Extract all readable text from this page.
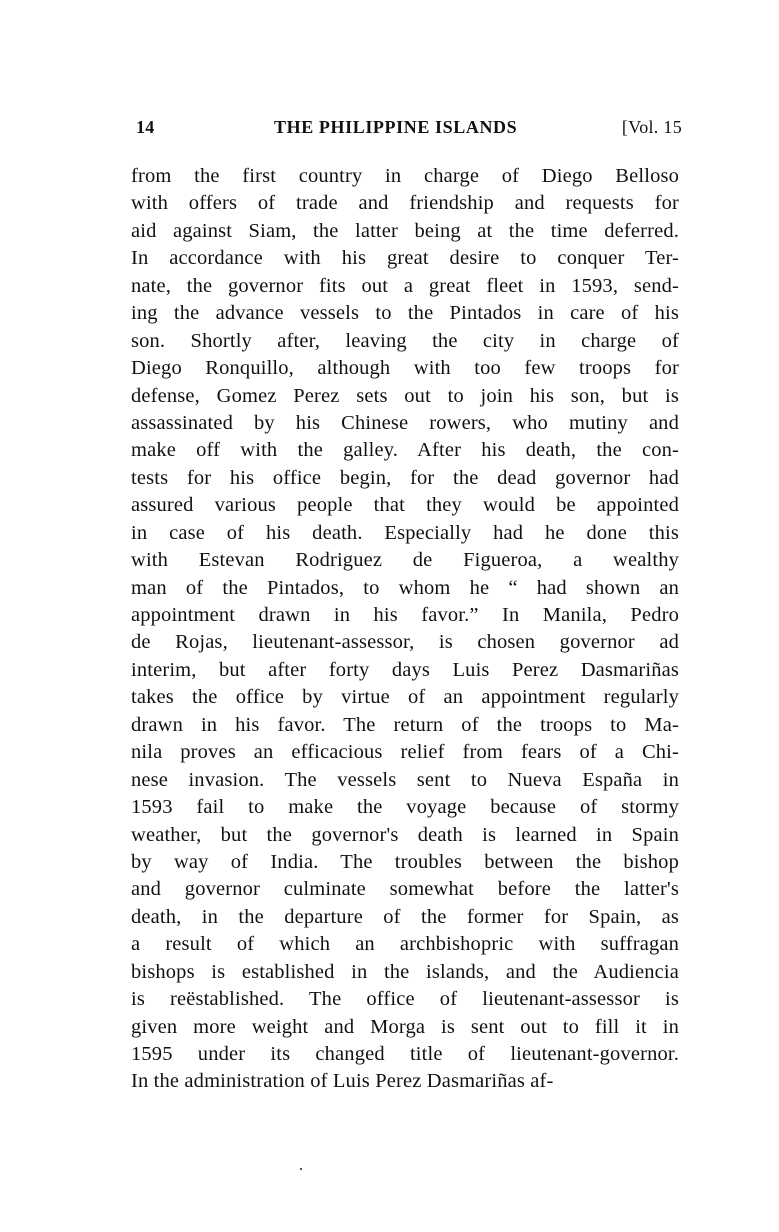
14	THE PHILIPPINE ISLANDS	[Vol. 15
from the first country in charge of Diego Belloso
with offers of trade and friendship and requests for
aid against Siam, the latter being at the time deferred.
In accordance with his great desire to conquer Ter-
nate, the governor fits out a great fleet in 1593, send-
ing the advance vessels to the Pintados in care of his
son. Shortly after, leaving the city in charge of
Diego Ronquillo, although with too few troops for
defense, Gomez Perez sets out to join his son, but is
assassinated by his Chinese rowers, who mutiny and
make off with the galley. After his death, the con-
tests for his office begin, for the dead governor had
assured various people that they would be appointed
in case of his death. Especially had he done this
with Estevan Rodriguez de Figueroa, a wealthy
man of the Pintados, to whom he “ had shown an
appointment drawn in his favor.” In Manila, Pedro
de Rojas, lieutenant-assessor, is chosen governor ad
interim, but after forty days Luis Perez Dasmariñas
takes the office by virtue of an appointment regularly
drawn in his favor. The return of the troops to Ma-
nila proves an efficacious relief from fears of a Chi-
nese invasion. The vessels sent to Nueva España in
1593 fail to make the voyage because of stormy
weather, but the governor's death is learned in Spain
by way of India. The troubles between the bishop
and governor culminate somewhat before the latter's
death, in the departure of the former for Spain, as
a result of which an archbishopric with suffragan
bishops is established in the islands, and the Audiencia
is reëstablished. The office of lieutenant-assessor is
given more weight and Morga is sent out to fill it in
1595 under its changed title of lieutenant-governor.
In the administration of Luis Perez Dasmariñas af-
